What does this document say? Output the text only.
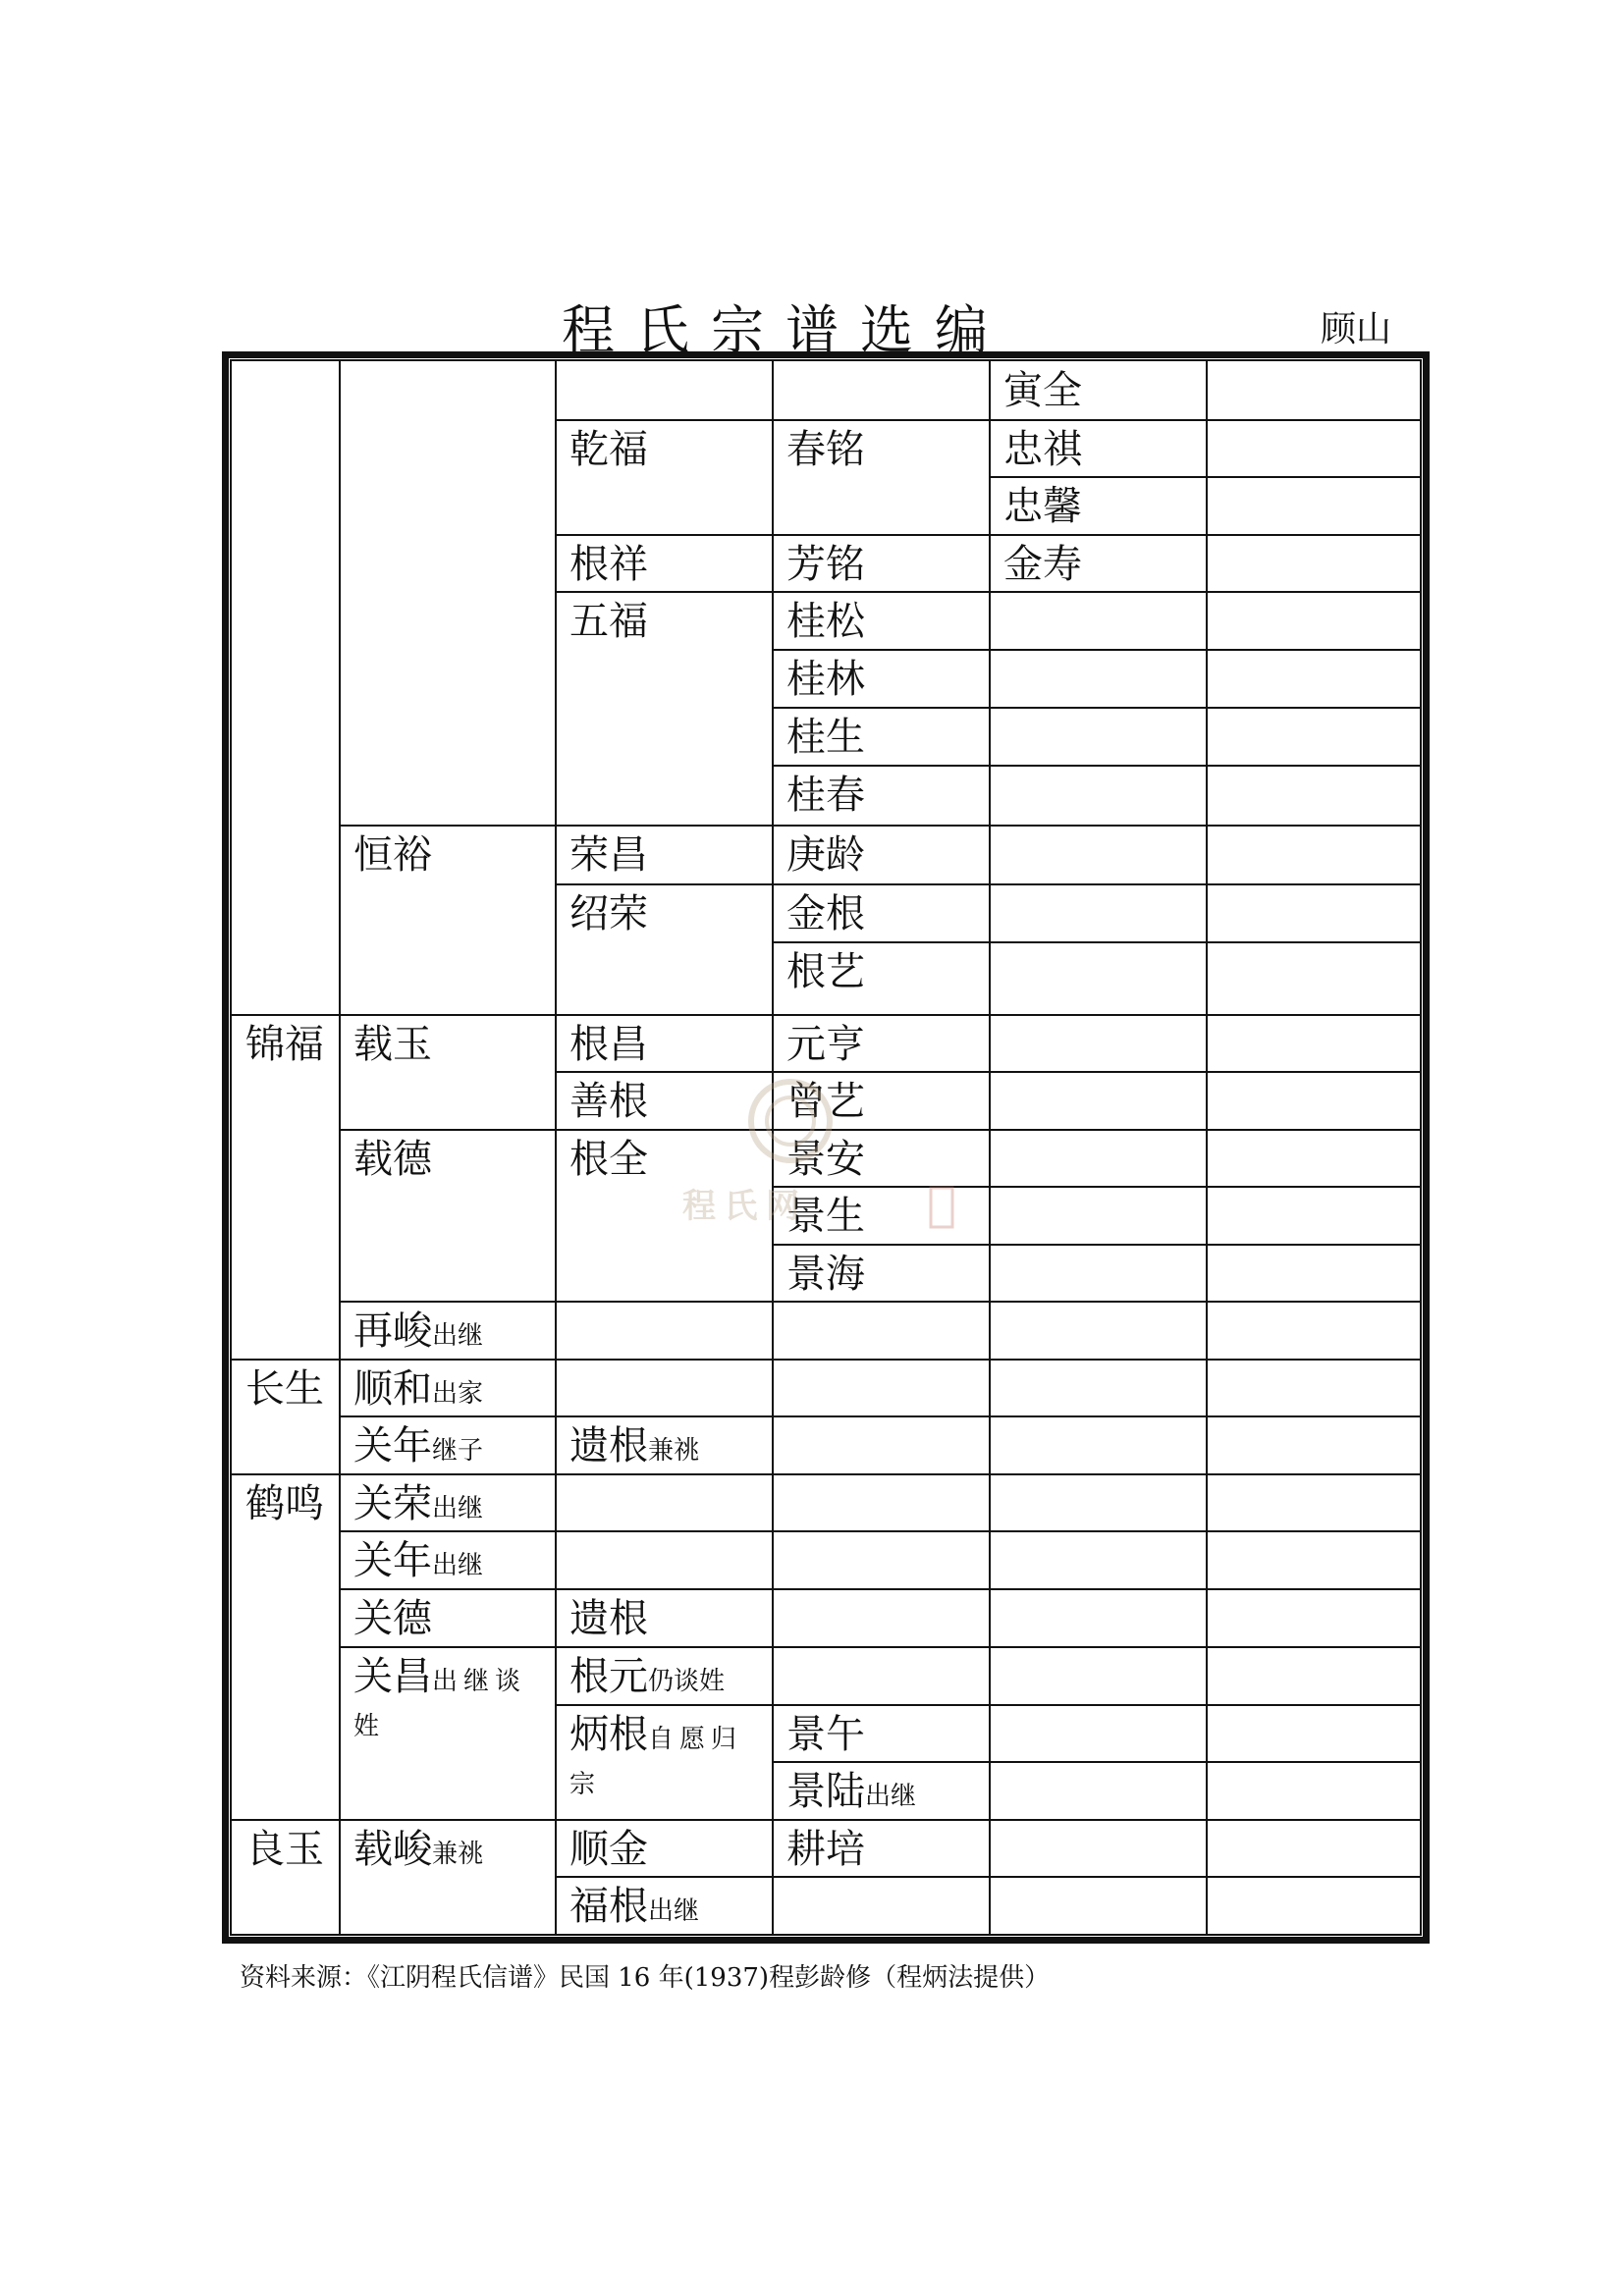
程氏宗谱选编	顾山
锦福
长生
鹤鸣
良玉
恒裕
载玉
载德
再峻出继
顺和出家
关年继子
关荣出继
关年出继
关德
关昌出继谈姓
载峻兼祧
乾福
根祥
五福
荣昌
绍荣
根昌
善根
根全
遗根兼祧
遗根
根元仍谈姓
炳根自愿归宗
顺金
福根出继
春铭
芳铭
桂松
桂林
桂生
桂春
庚龄
金根
根艺
元亨
曾艺
景安
景生
景海
景午
景陆出继
耕培
寅全
忠祺
忠馨
金寿
程 氏 网
资料来源：《江阴程氏信谱》民国 16 年(1937)程彭龄修（程炳法提供）
